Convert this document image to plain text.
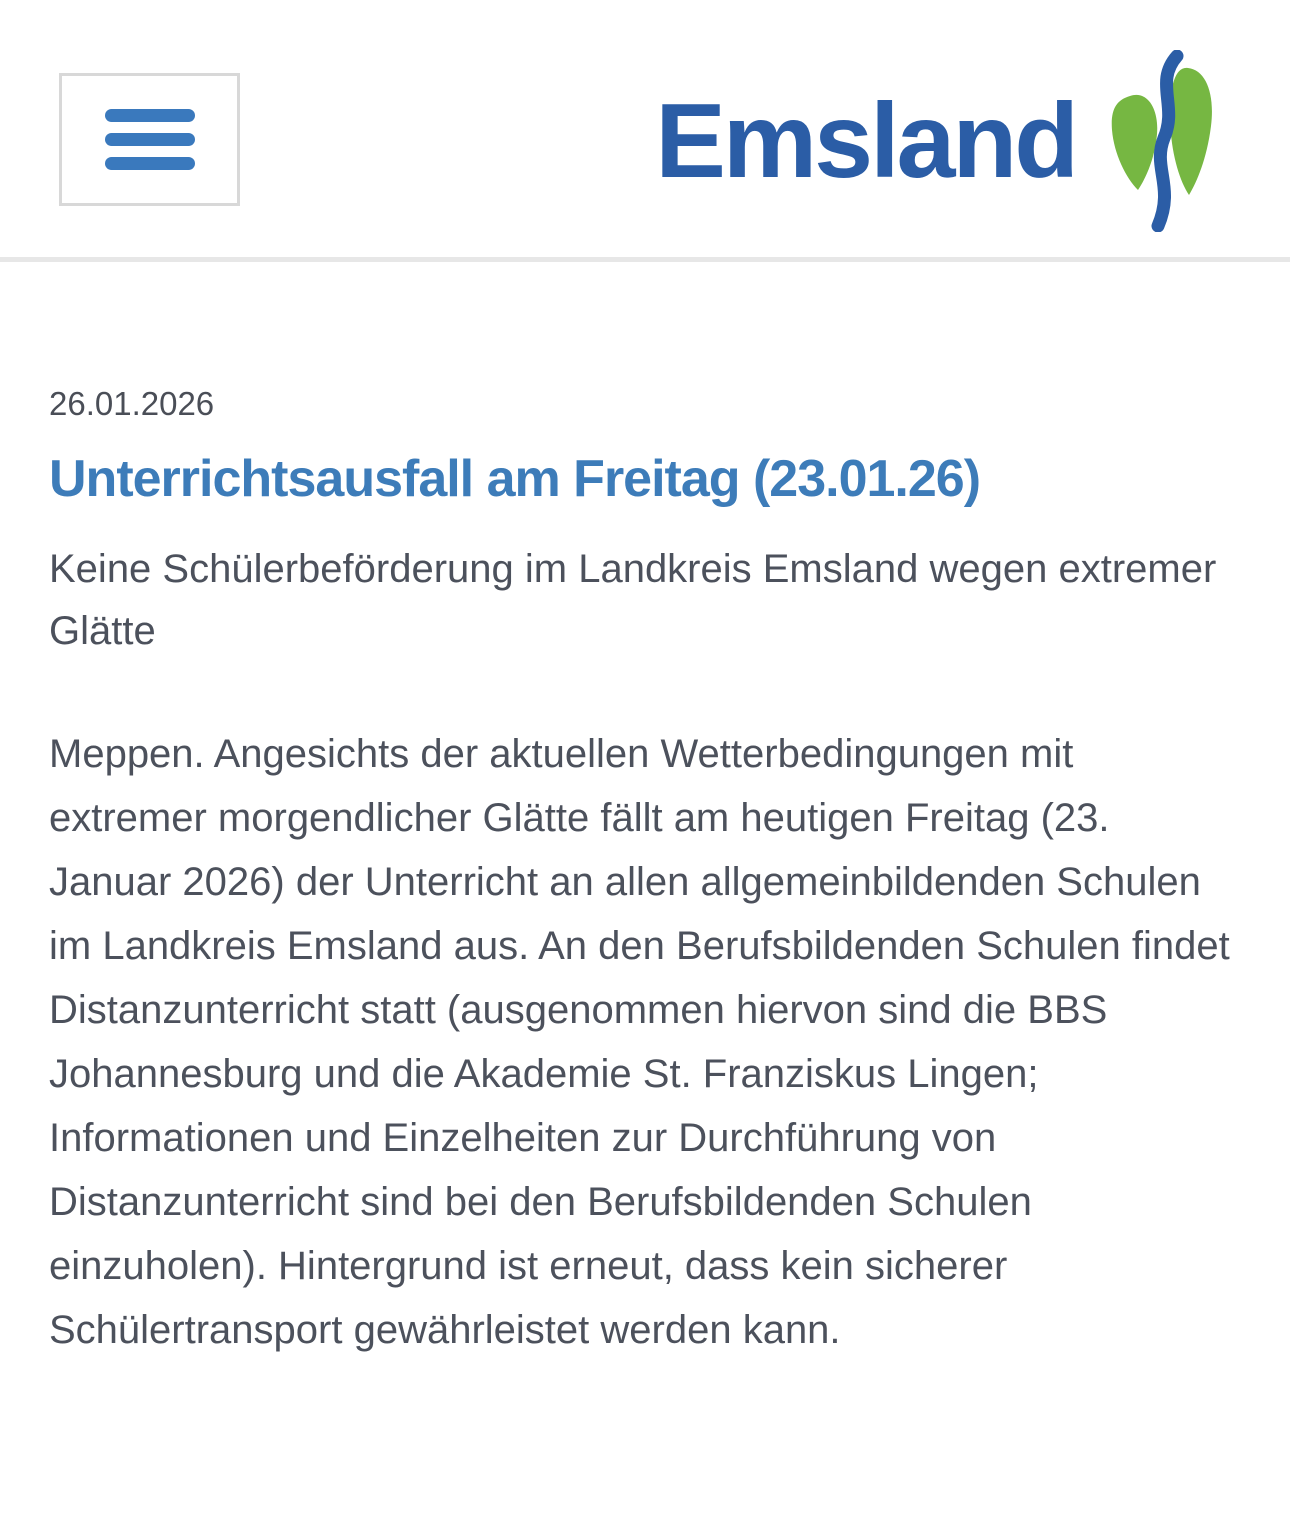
Emsland
26.01.2026
Unterrichtsausfall am Freitag (23.01.26)

Keine Schülerbeförderung im Landkreis Emsland wegen extremer Glätte

Meppen. Angesichts der aktuellen Wetterbedingungen mit extremer morgendlicher Glätte fällt am heutigen Freitag (23. Januar 2026) der Unterricht an allen allgemeinbildenden Schulen im Landkreis Emsland aus. An den Berufsbildenden Schulen findet Distanzunterricht statt (ausgenommen hiervon sind die BBS Johannesburg und die Akademie St. Franziskus Lingen; Informationen und Einzelheiten zur Durchführung von Distanzunterricht sind bei den Berufsbildenden Schulen einzuholen). Hintergrund ist erneut, dass kein sicherer Schülertransport gewährleistet werden kann.
